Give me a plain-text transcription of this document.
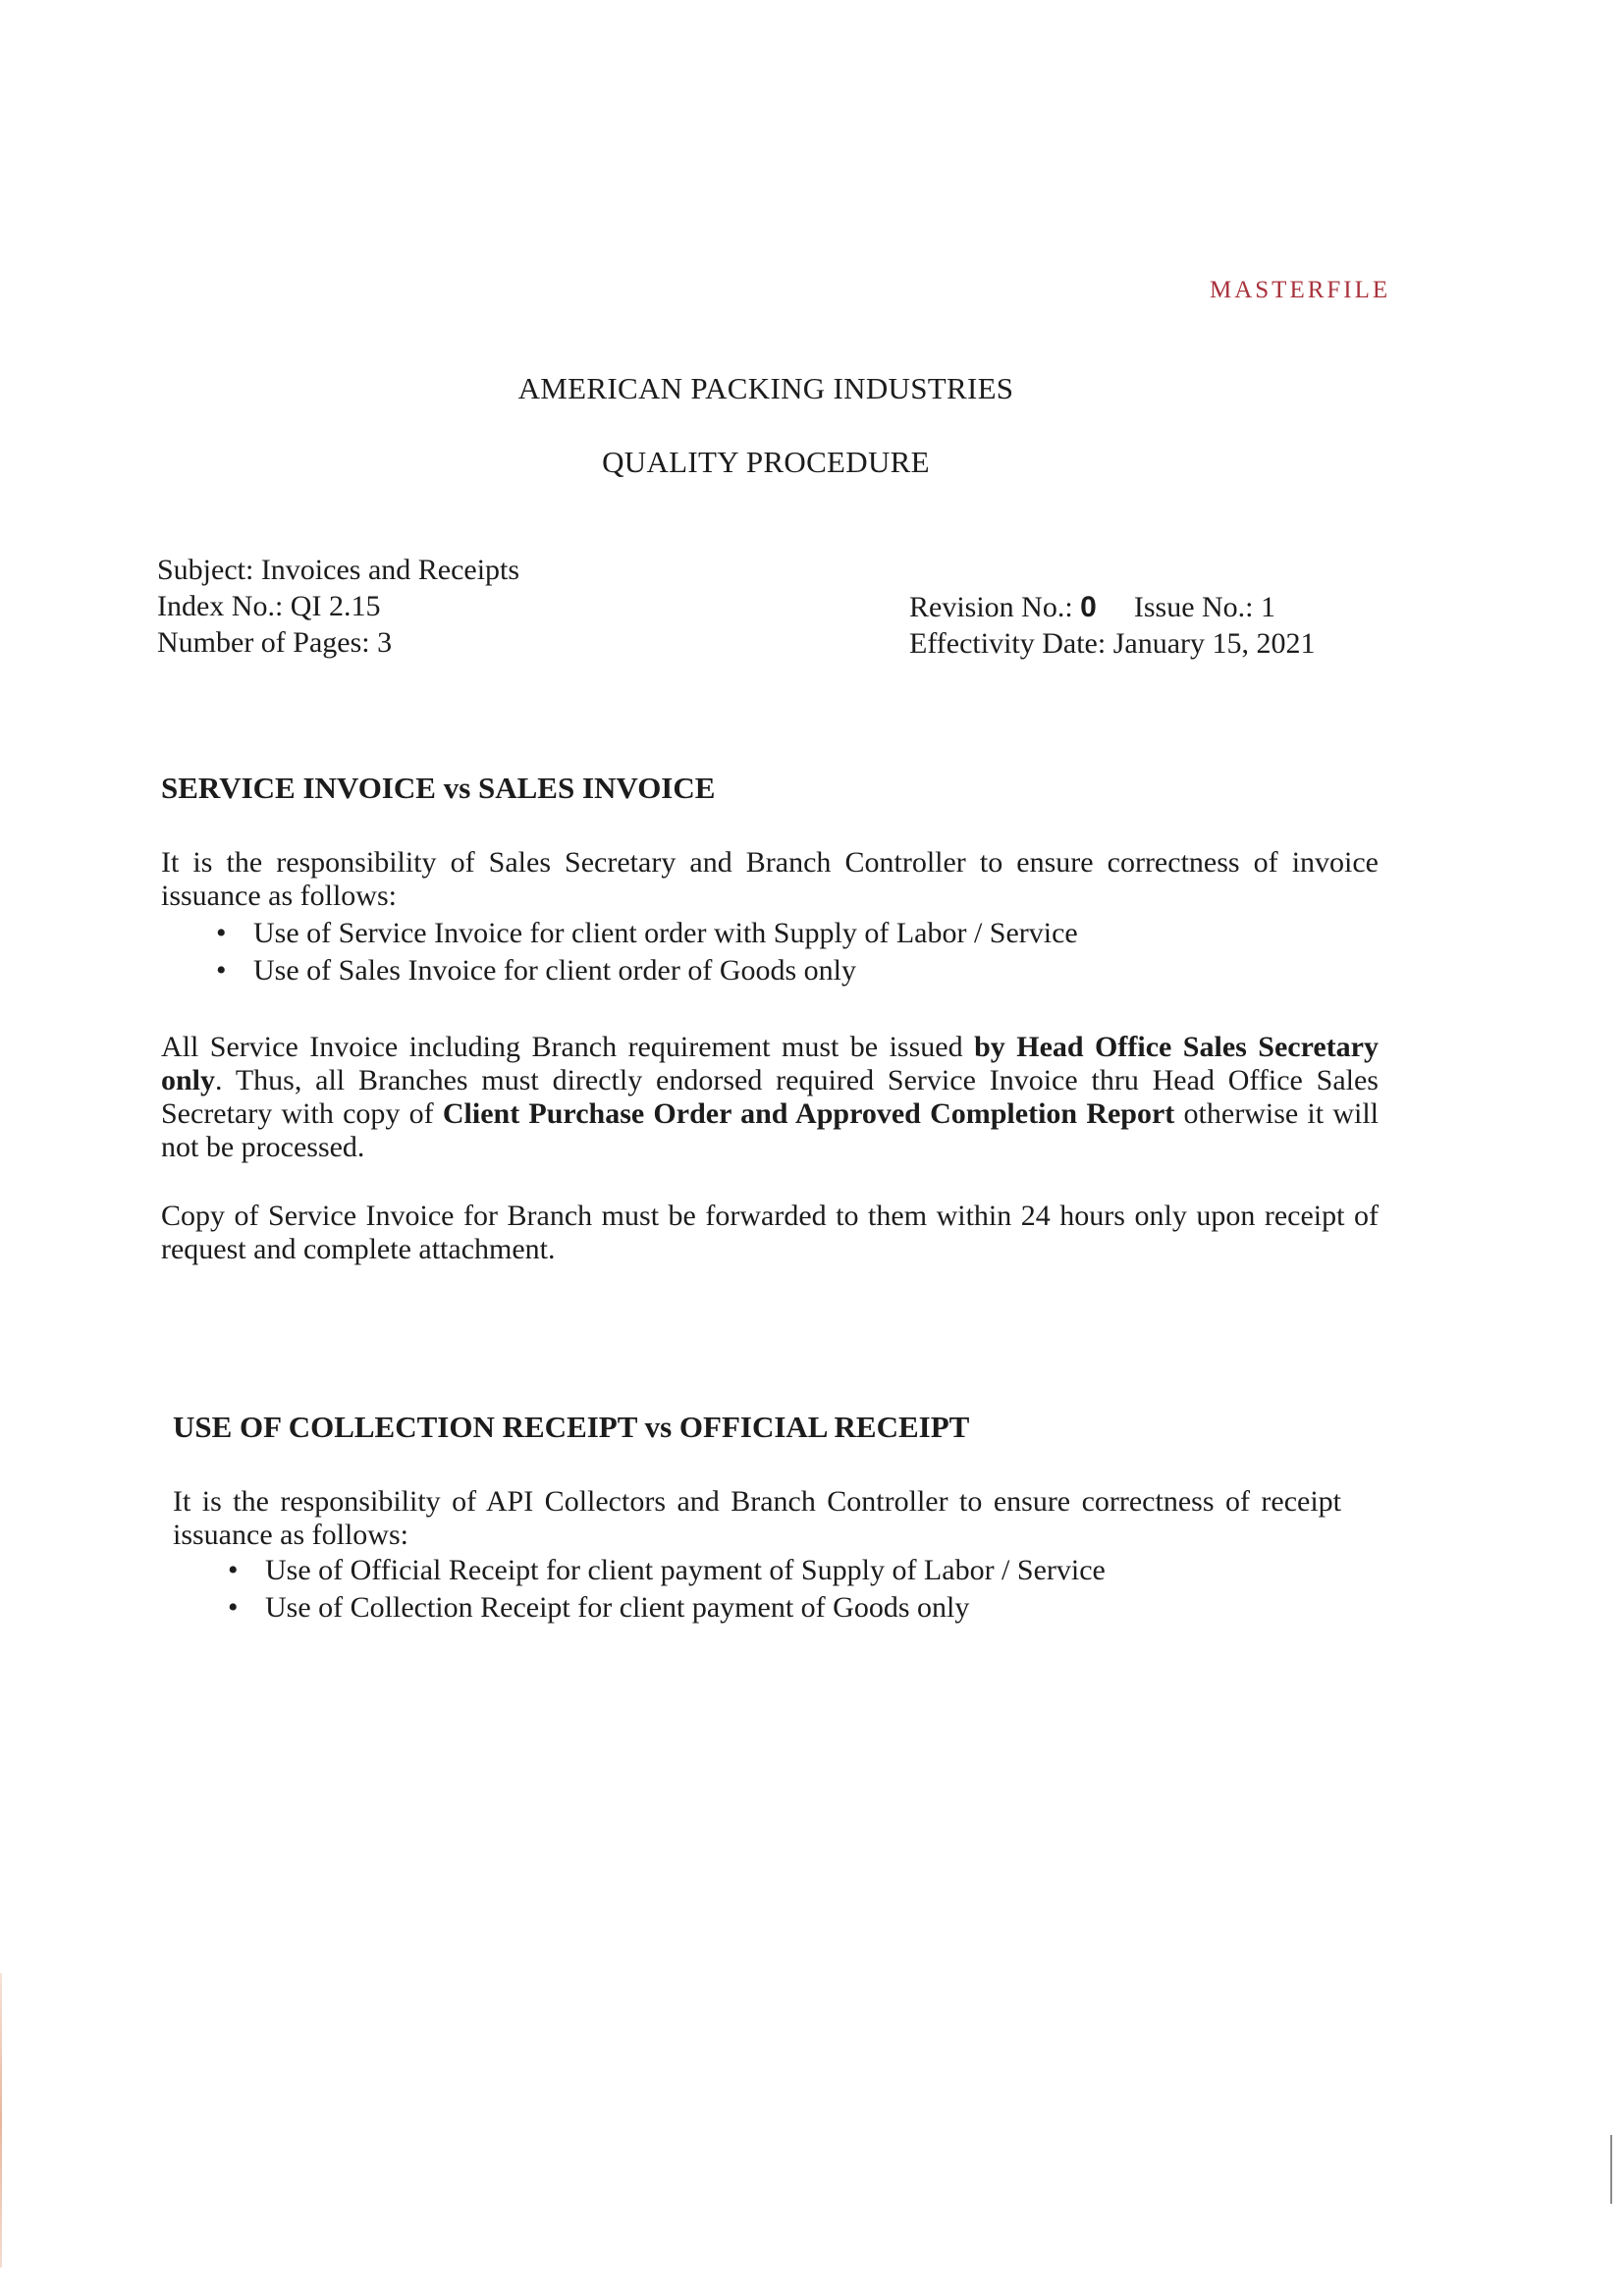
MASTERFILE
AMERICAN PACKING INDUSTRIES
QUALITY PROCEDURE
Subject: Invoices and Receipts
Index No.: QI 2.15
Number of Pages: 3
Revision No.: 0 Issue No.: 1
Effectivity Date: January 15, 2021

SERVICE INVOICE vs SALES INVOICE

It is the responsibility of Sales Secretary and Branch Controller to ensure correctness of invoice issuance as follows:

• Use of Service Invoice for client order with Supply of Labor / Service
• Use of Sales Invoice for client order of Goods only

All Service Invoice including Branch requirement must be issued by Head Office Sales Secretary only. Thus, all Branches must directly endorsed required Service Invoice thru Head Office Sales Secretary with copy of Client Purchase Order and Approved Completion Report otherwise it will not be processed.

Copy of Service Invoice for Branch must be forwarded to them within 24 hours only upon receipt of request and complete attachment.

USE OF COLLECTION RECEIPT vs OFFICIAL RECEIPT

It is the responsibility of API Collectors and Branch Controller to ensure correctness of receipt issuance as follows:

• Use of Official Receipt for client payment of Supply of Labor / Service
• Use of Collection Receipt for client payment of Goods only
